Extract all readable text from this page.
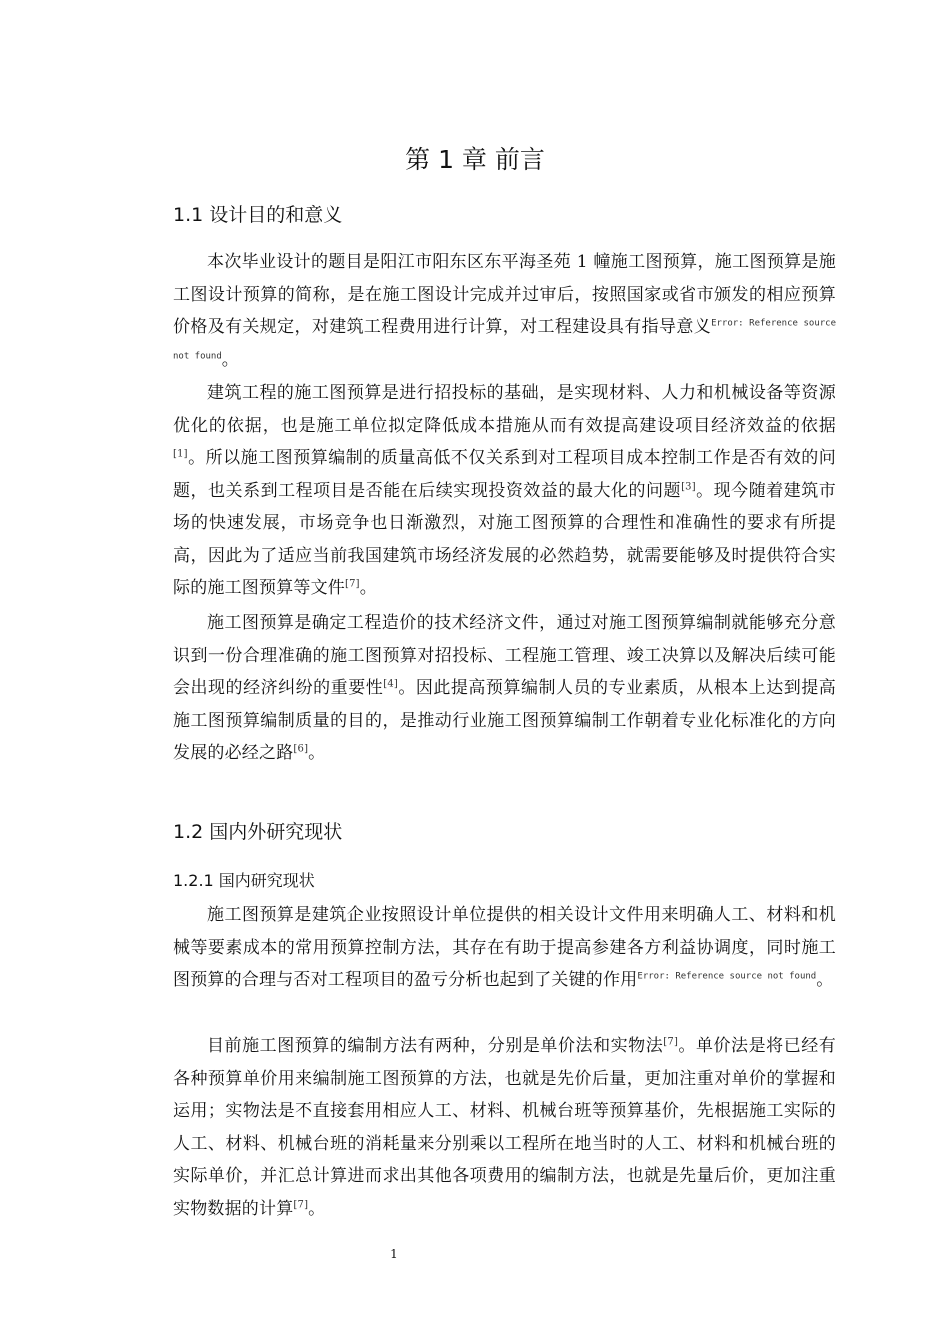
第 1 章 前言
1.1 设计目的和意义

本次毕业设计的题目是阳江市阳东区东平海圣苑 1 幢施工图预算，施工图预算是施工图设计预算的简称，是在施工图设计完成并过审后，按照国家或省市颁发的相应预算价格及有关规定，对建筑工程费用进行计算，对工程建设具有指导意义$^{Error: Reference source not found}$。

建筑工程的施工图预算是进行招投标的基础，是实现材料、人力和机械设备等资源优化的依据，也是施工单位拟定降低成本措施从而有效提高建设项目经济效益的依据[1]。所以施工图预算编制的质量高低不仅关系到对工程项目成本控制工作是否有效的问题，也关系到工程项目是否能在后续实现投资效益的最大化的问题[3]。现今随着建筑市场的快速发展，市场竞争也日渐激烈，对施工图预算的合理性和准确性的要求有所提高，因此为了适应当前我国建筑市场经济发展的必然趋势，就需要能够及时提供符合实际的施工图预算等文件[7]。

施工图预算是确定工程造价的技术经济文件，通过对施工图预算编制就能够充分意识到一份合理准确的施工图预算对招投标、工程施工管理、竣工决算以及解决后续可能会出现的经济纠纷的重要性[4]。因此提高预算编制人员的专业素质，从根本上达到提高施工图预算编制质量的目的，是推动行业施工图预算编制工作朝着专业化标准化的方向发展的必经之路[6]。

1.2 国内外研究现状
1.2.1 国内研究现状

施工图预算是建筑企业按照设计单位提供的相关设计文件用来明确人工、材料和机械等要素成本的常用预算控制方法，其存在有助于提高参建各方利益协调度，同时施工图预算的合理与否对工程项目的盈亏分析也起到了关键的作用$^{Error: Reference source not found}$。

目前施工图预算的编制方法有两种，分别是单价法和实物法[7]。单价法是将已经有各种预算单价用来编制施工图预算的方法，也就是先价后量，更加注重对单价的掌握和运用；实物法是不直接套用相应人工、材料、机械台班等预算基价，先根据施工实际的人工、材料、机械台班的消耗量来分别乘以工程所在地当时的人工、材料和机械台班的实际单价，并汇总计算进而求出其他各项费用的编制方法，也就是先量后价，更加注重实物数据的计算[7]。

1
